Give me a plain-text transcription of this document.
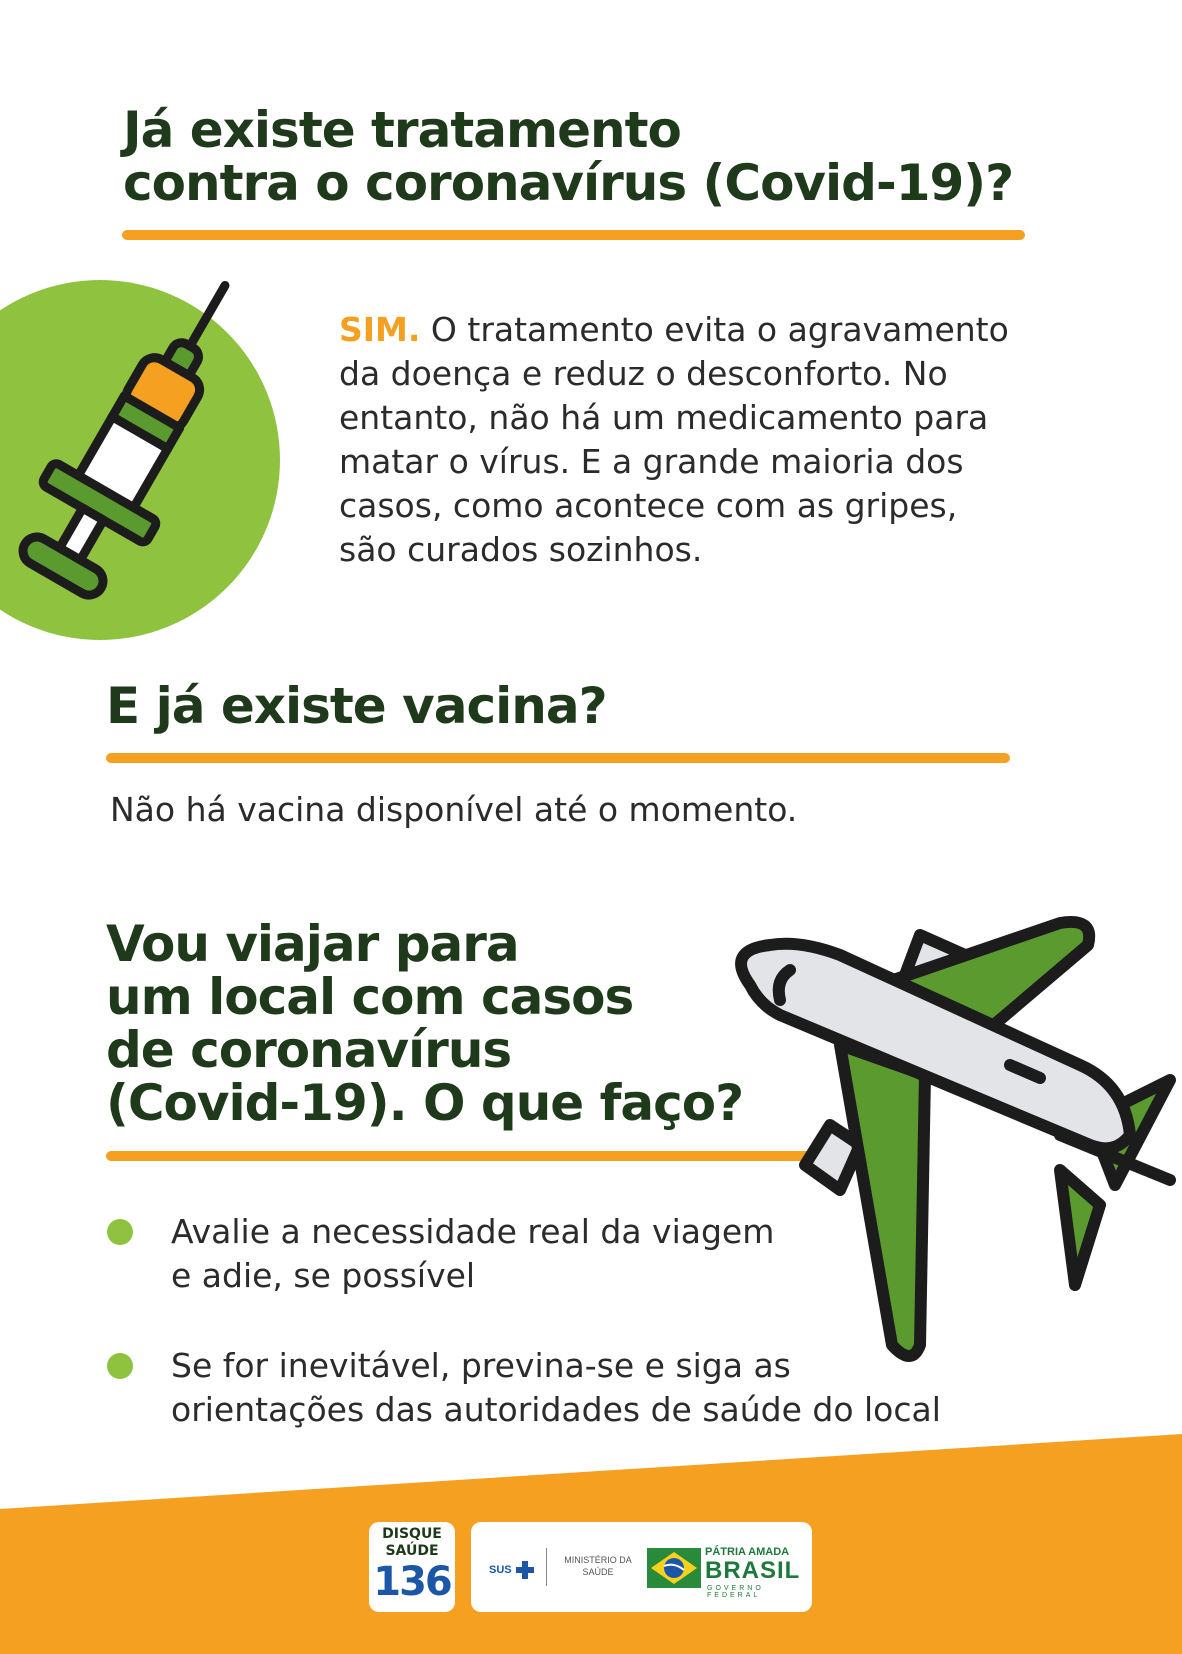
Já existe tratamento
contra o coronavírus (Covid-19)?

SIM. O tratamento evita o agravamento
da doença e reduz o desconforto. No
entanto, não há um medicamento para
matar o vírus. E a grande maioria dos
casos, como acontece com as gripes,
são curados sozinhos.

E já existe vacina?

Não há vacina disponível até o momento.

Vou viajar para
um local com casos
de coronavírus
(Covid-19). O que faço?

Avalie a necessidade real da viagem
e adie, se possível

Se for inevitável, previna-se e siga as
orientações das autoridades de saúde do local

DISQUE
SAÚDE
136	SUS
MINISTÉRIO DA
SAÚDE
PÁTRIA AMADA
BRASIL
GOVERNO FEDERAL
